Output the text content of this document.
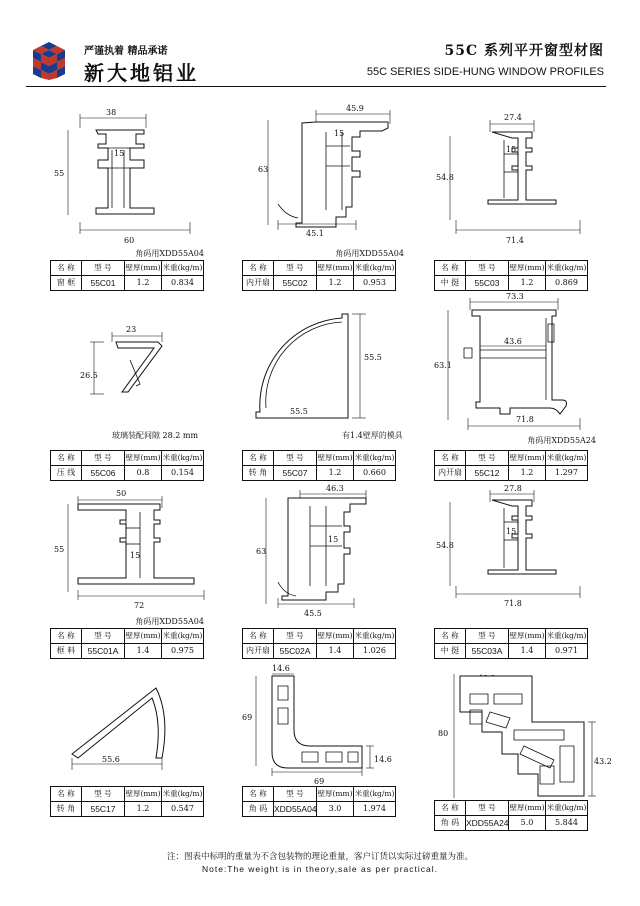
严谨执着 精品承诺
新大地铝业
55C 系列平开窗型材图
55C SERIES SIDE-HUNG WINDOW PROFILES
38
55
15
60
角码用XDD55A04
名 称	型 号	壁厚(mm)	米重(kg/m)
窗 框	55C01	1.2	0.834
45.9
63
15
45.1
角码用XDD55A04
名 称	型 号	壁厚(mm)	米重(kg/m)
内开扇	55C02	1.2	0.953
27.4
54.8
15
71.4
名 称	型 号	壁厚(mm)	米重(kg/m)
中 挺	55C03	1.2	0.869
23
26.5
玻璃装配间隙 28.2 mm
名 称	型 号	壁厚(mm)	米重(kg/m)
压 线	55C06	0.8	0.154
55.5
55.5
有1.4壁厚的模具
名 称	型 号	壁厚(mm)	米重(kg/m)
转 角	55C07	1.2	0.660
73.3
63.1
43.6
71.8
角码用XDD55A24
名 称	型 号	壁厚(mm)	米重(kg/m)
内开扇	55C12	1.2	1.297
50
55
15
72
角码用XDD55A04
名 称	型 号	壁厚(mm)	米重(kg/m)
框 料	55C01A	1.4	0.975
46.3
63
15
45.5
名 称	型 号	壁厚(mm)	米重(kg/m)
内开扇	55C02A	1.4	1.026
27.8
54.8
15
71.8
名 称	型 号	壁厚(mm)	米重(kg/m)
中 挺	55C03A	1.4	0.971
55.6
名 称	型 号	壁厚(mm)	米重(kg/m)
转 角	55C17	1.2	0.547
14.6
69
69
14.6
名 称	型 号	壁厚(mm)	米重(kg/m)
角 码	XDD55A04	3.0	1.974
80
43.2
名 称	型 号	壁厚(mm)	米重(kg/m)
角 码	XDD55A24	5.0	5.844
注：图表中标明的重量为不含包装物的理论重量，客户订货以实际过磅重量为准。
Note:The weight is in theory,sale as per practical.
